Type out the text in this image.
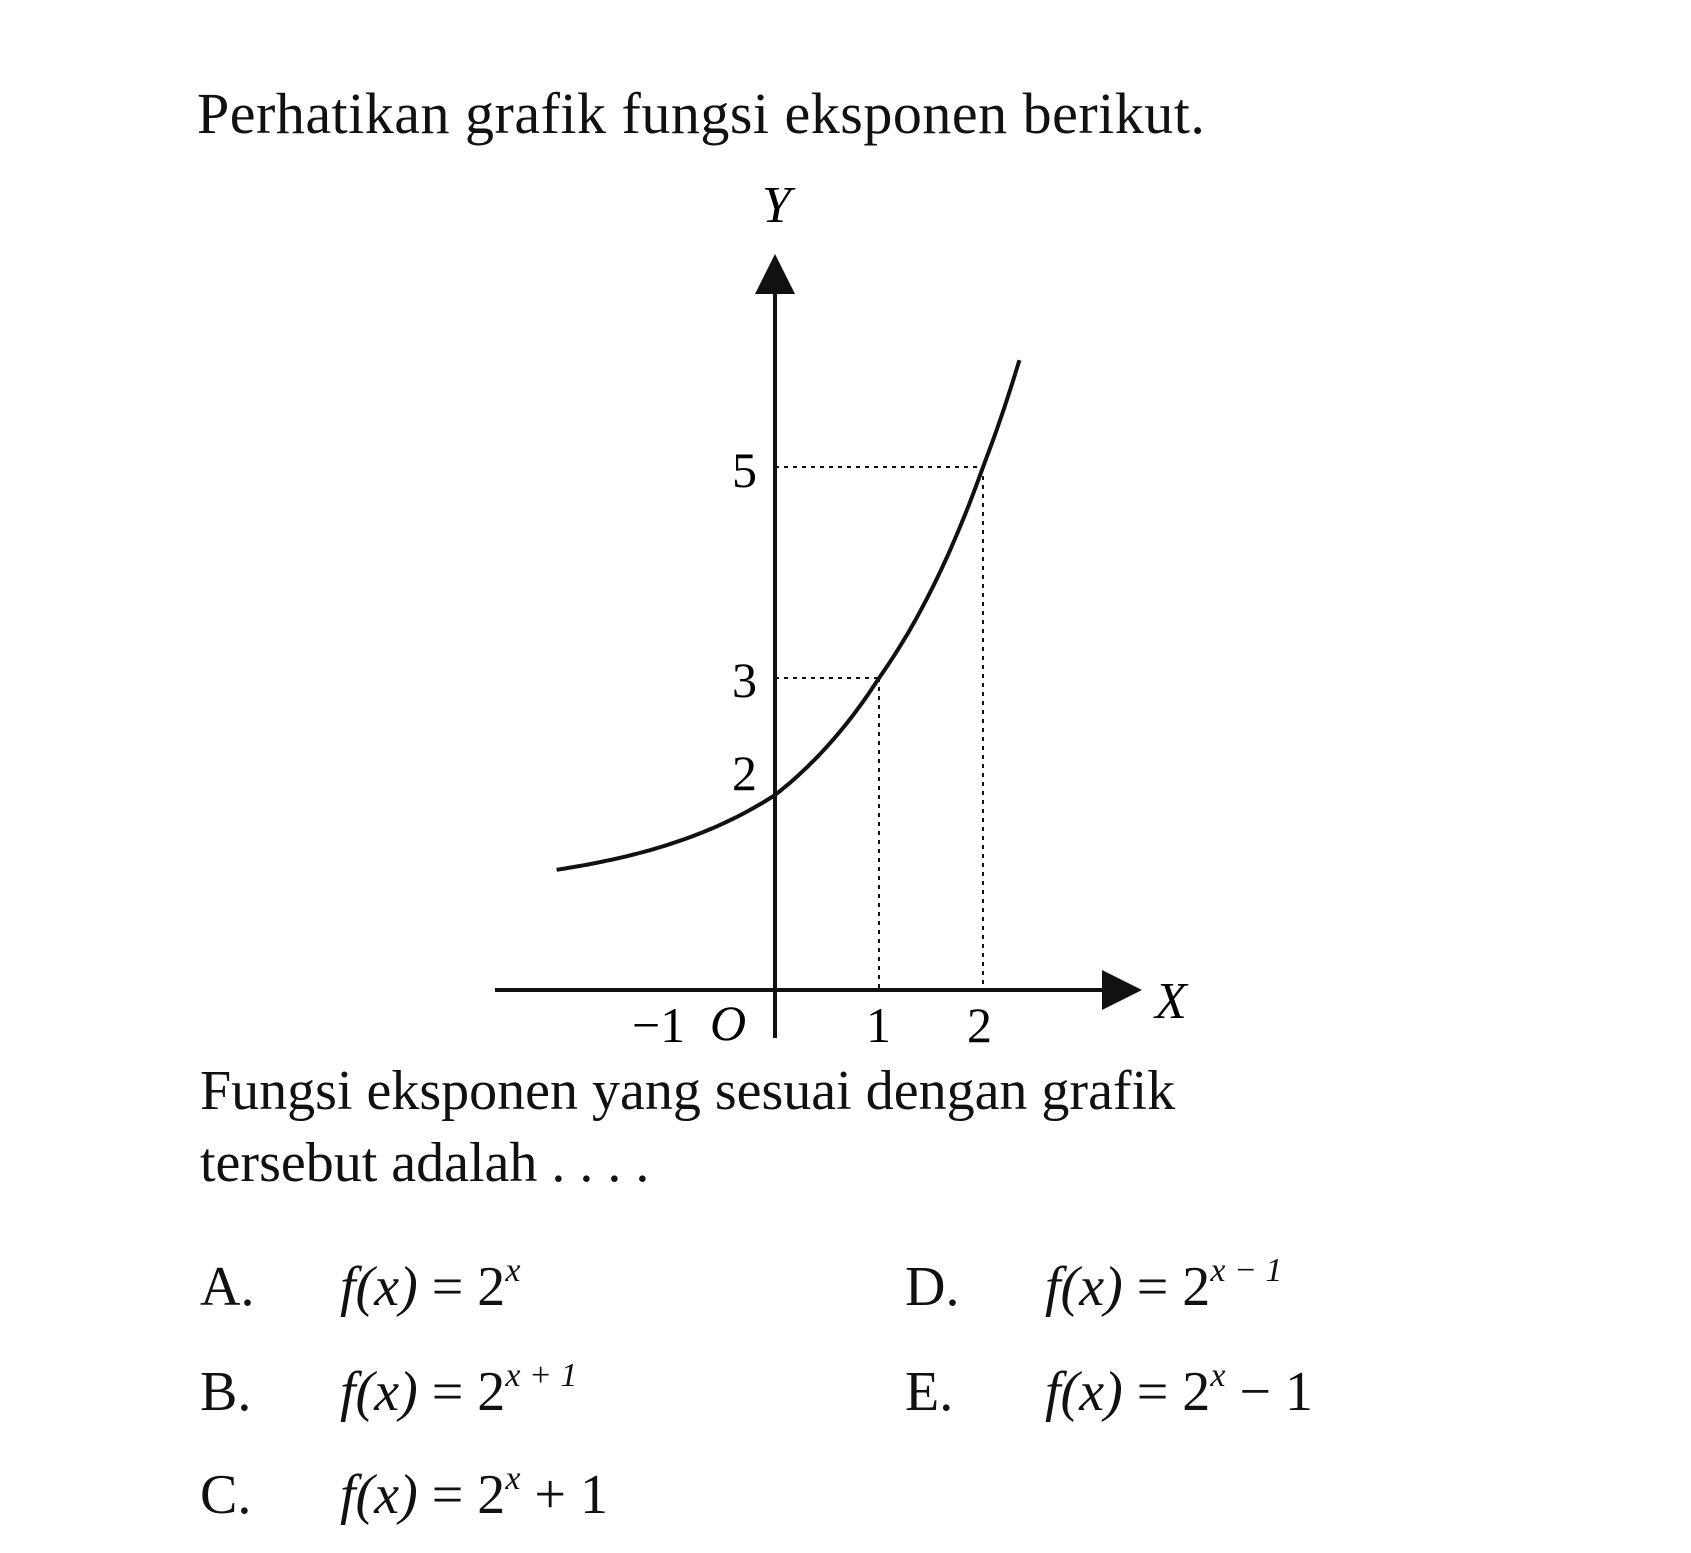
Perhatikan grafik fungsi eksponen berikut.
Y
X
O
5
3
2
−1	1 2
Fungsi eksponen yang sesuai dengan grafik
tersebut adalah . . . .
A. $f(x) = 2^x$
B. $f(x) = 2^{x + 1}$
C. $f(x) = 2^x + 1$
D. $f(x) = 2^{x - 1}$
E. $f(x) = 2^x - 1$
